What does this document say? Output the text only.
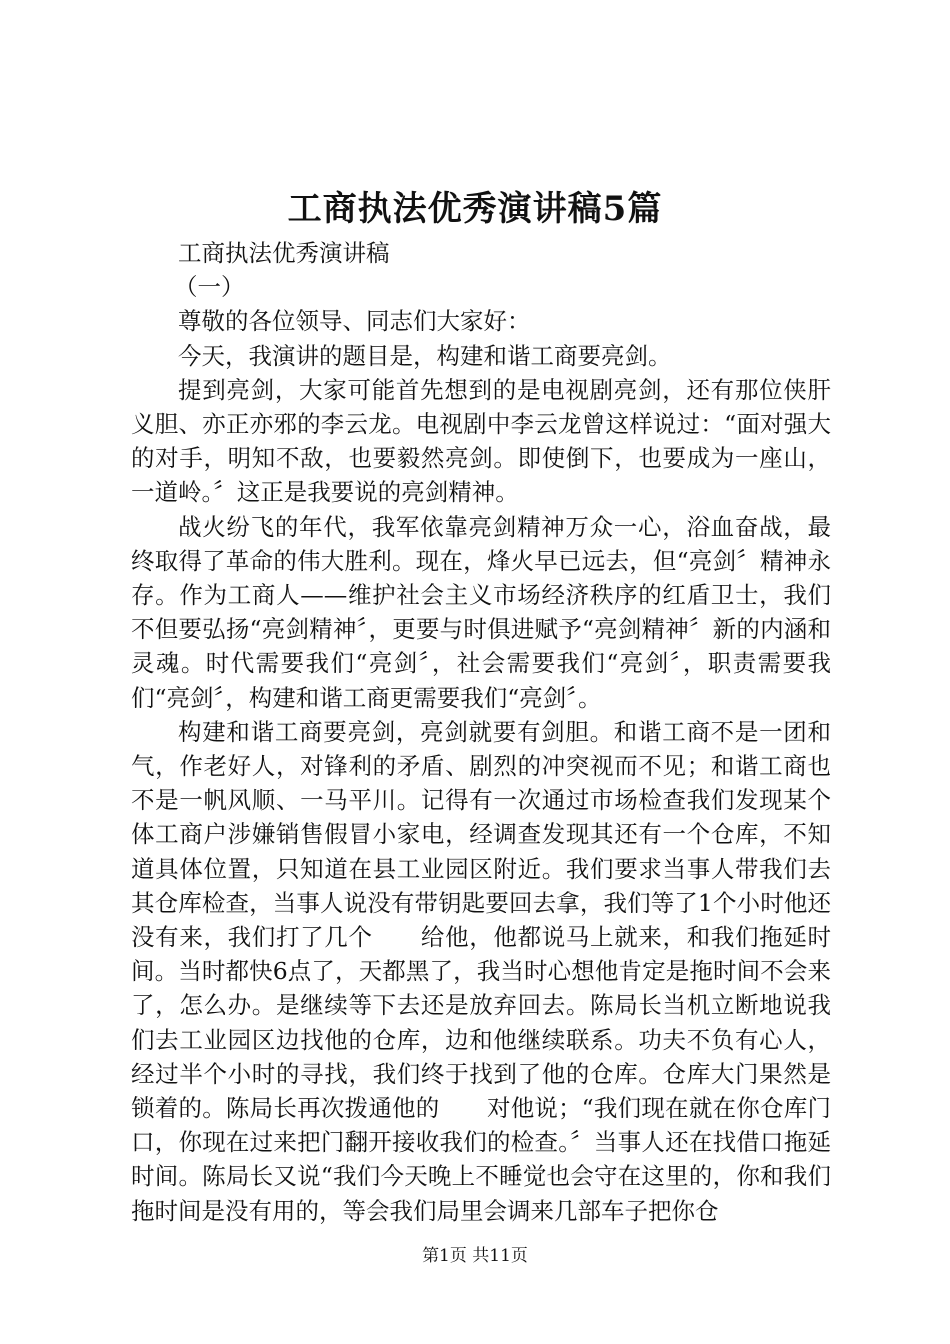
工商执法优秀演讲稿5篇

工商执法优秀演讲稿

（一）

尊敬的各位领导、同志们大家好：

今天，我演讲的题目是，构建和谐工商要亮剑。

提到亮剑，大家可能首先想到的是电视剧亮剑，还有那位侠肝义胆、亦正亦邪的李云龙。电视剧中李云龙曾这样说过：“面对强大的对手，明知不敌，也要毅然亮剑。即使倒下，也要成为一座山，一道岭。〞这正是我要说的亮剑精神。

战火纷飞的年代，我军依靠亮剑精神万众一心，浴血奋战，最终取得了革命的伟大胜利。现在，烽火早已远去，但“亮剑〞精神永存。作为工商人——维护社会主义市场经济秩序的红盾卫士，我们不但要弘扬“亮剑精神〞，更要与时俱进赋予“亮剑精神〞新的内涵和灵魂。时代需要我们“亮剑〞，社会需要我们“亮剑〞，职责需要我们“亮剑〞，构建和谐工商更需要我们“亮剑〞。

构建和谐工商要亮剑，亮剑就要有剑胆。和谐工商不是一团和气，作老好人，对锋利的矛盾、剧烈的冲突视而不见；和谐工商也不是一帆风顺、一马平川。记得有一次通过市场检查我们发现某个体工商户涉嫌销售假冒小家电，经调查发现其还有一个仓库，不知道具体位置，只知道在县工业园区附近。我们要求当事人带我们去其仓库检查，当事人说没有带钥匙要回去拿，我们等了1个小时他还没有来，我们打了几个　　给他，他都说马上就来，和我们拖延时间。当时都快6点了，天都黑了，我当时心想他肯定是拖时间不会来了，怎么办。是继续等下去还是放弃回去。陈局长当机立断地说我们去工业园区边找他的仓库，边和他继续联系。功夫不负有心人，经过半个小时的寻找，我们终于找到了他的仓库。仓库大门果然是锁着的。陈局长再次拨通他的　　对他说；“我们现在就在你仓库门口，你现在过来把门翻开接收我们的检查。〞当事人还在找借口拖延时间。陈局长又说“我们今天晚上不睡觉也会守在这里的，你和我们拖时间是没有用的，等会我们局里会调来几部车子把你仓

第1页 共11页
